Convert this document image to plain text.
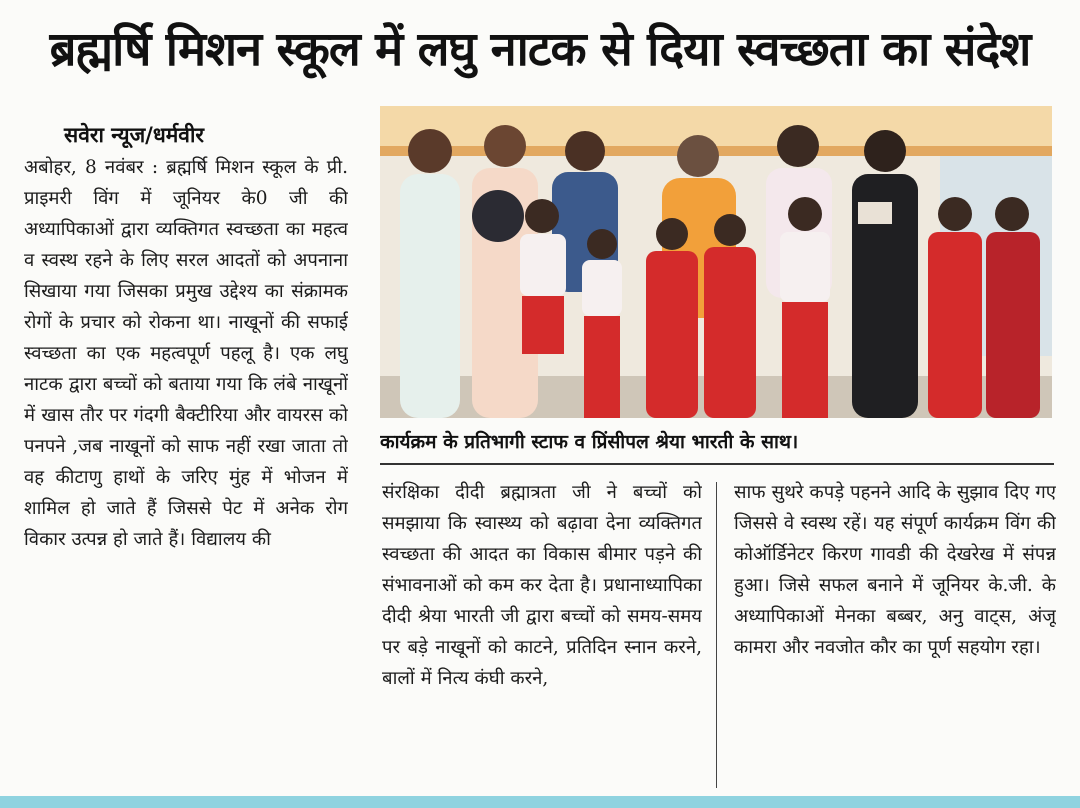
ब्रह्मर्षि मिशन स्कूल में लघु नाटक से दिया स्वच्छता का संदेश
सवेरा न्यूज/धर्मवीर
अबोहर, 8 नवंबर : ब्रह्मर्षि मिशन स्कूल के प्री. प्राइमरी विंग में जूनियर के0 जी की अध्यापिकाओं द्वारा व्यक्तिगत स्वच्छता का महत्व व स्वस्थ रहने के लिए सरल आदतों को अपनाना सिखाया गया जिसका प्रमुख उद्देश्य का संक्रामक रोगों के प्रचार को रोकना था। नाखूनों की सफाई स्वच्छता का एक महत्वपूर्ण पहलू है। एक लघु नाटक द्वारा बच्चों को बताया गया कि लंबे नाखूनों में खास तौर पर गंदगी बैक्टीरिया और वायरस को पनपने ,जब नाखूनों को साफ नहीं रखा जाता तो वह कीटाणु हाथों के जरिए मुंह में भोजन में शामिल हो जाते हैं जिससे पेट में अनेक रोग विकार उत्पन्न हो जाते हैं। विद्यालय की
कार्यक्रम के प्रतिभागी स्टाफ व प्रिंसीपल श्रेया भारती के साथ।
संरक्षिका दीदी ब्रह्मात्रता जी ने बच्चों को समझाया कि स्वास्थ्य को बढ़ावा देना व्यक्तिगत स्वच्छता की आदत का विकास बीमार पड़ने की संभावनाओं को कम कर देता है। प्रधानाध्यापिका दीदी श्रेया भारती जी द्वारा बच्चों को समय-समय पर बड़े नाखूनों को काटने, प्रतिदिन स्नान करने, बालों में नित्य कंघी करने,
साफ सुथरे कपड़े पहनने आदि के सुझाव दिए गए जिससे वे स्वस्थ रहें। यह संपूर्ण कार्यक्रम विंग की कोऑर्डिनेटर किरण गावडी की देखरेख में संपन्न हुआ। जिसे सफल बनाने में जूनियर के.जी. के अध्यापिकाओं मेनका बब्बर, अनु वाट्स, अंजू कामरा और नवजोत कौर का पूर्ण सहयोग रहा।
